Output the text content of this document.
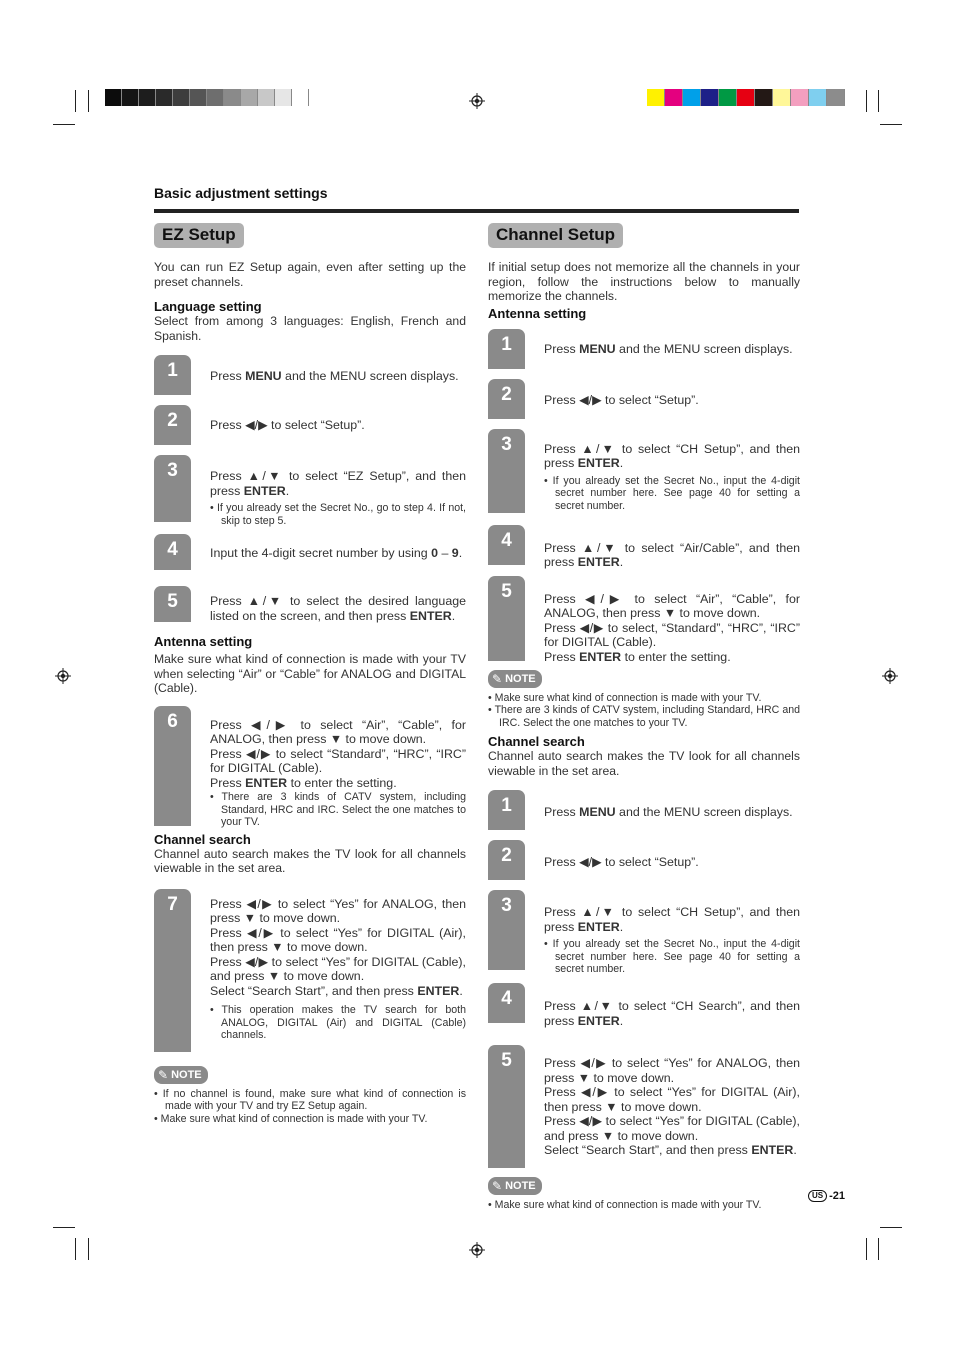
Basic adjustment settings
EZ Setup
You can run EZ Setup again, even after setting up the preset channels.
Language setting
Select from among 3 languages: English, French and Spanish.
1	Press MENU and the MENU screen displays.
2	Press ◀/▶ to select “Setup”.
3	Press ▲/▼ to select “EZ Setup”, and then press ENTER.
• If you already set the Secret No., go to step 4. If not, skip to step 5.
4	Input the 4-digit secret number by using 0 – 9.
5	Press ▲/▼ to select the desired language listed on the screen, and then press ENTER.
Antenna setting
Make sure what kind of connection is made with your TV when selecting “Air” or “Cable” for ANALOG and DIGITAL (Cable).
6	Press ◀/▶ to select “Air”, “Cable”, for ANALOG, then press ▼ to move down.
Press ◀/▶ to select “Standard”, “HRC”, “IRC” for DIGITAL (Cable).
Press ENTER to enter the setting.
• There are 3 kinds of CATV system, including Standard, HRC and IRC. Select the one matches to your TV.
Channel search
Channel auto search makes the TV look for all channels viewable in the set area.
7	Press ◀/▶ to select “Yes” for ANALOG, then press ▼ to move down.
Press ◀/▶ to select “Yes” for DIGITAL (Air), then press ▼ to move down.
Press ◀/▶ to select “Yes” for DIGITAL (Cable), and press ▼ to move down.
Select “Search Start”, and then press ENTER.
• This operation makes the TV search for both ANALOG, DIGITAL (Air) and DIGITAL (Cable) channels.
✎ NOTE
• If no channel is found, make sure what kind of connection is made with your TV and try EZ Setup again.
• Make sure what kind of connection is made with your TV.
Channel Setup
If initial setup does not memorize all the channels in your region, follow the instructions below to manually memorize the channels.
Antenna setting
1	Press MENU and the MENU screen displays.
2	Press ◀/▶ to select “Setup”.
3	Press ▲/▼ to select “CH Setup”, and then press ENTER.
• If you already set the Secret No., input the 4-digit secret number here. See page 40 for setting a secret number.
4	Press ▲/▼ to select “Air/Cable”, and then press ENTER.
5	Press ◀/▶ to select “Air”, “Cable”, for ANALOG, then press ▼ to move down.
Press ◀/▶ to select, “Standard”, “HRC”, “IRC” for DIGITAL (Cable).
Press ENTER to enter the setting.
✎ NOTE
• Make sure what kind of connection is made with your TV.
• There are 3 kinds of CATV system, including Standard, HRC and IRC. Select the one matches to your TV.
Channel search
Channel auto search makes the TV look for all channels viewable in the set area.
1	Press MENU and the MENU screen displays.
2	Press ◀/▶ to select “Setup”.
3	Press ▲/▼ to select “CH Setup”, and then press ENTER.
• If you already set the Secret No., input the 4-digit secret number here. See page 40 for setting a secret number.
4	Press ▲/▼ to select “CH Search”, and then press ENTER.
5	Press ◀/▶ to select “Yes” for ANALOG, then press ▼ to move down.
Press ◀/▶ to select “Yes” for DIGITAL (Air), then press ▼ to move down.
Press ◀/▶ to select “Yes” for DIGITAL (Cable), and press ▼ to move down.
Select “Search Start”, and then press ENTER.
✎ NOTE
• Make sure what kind of connection is made with your TV.
US -21
